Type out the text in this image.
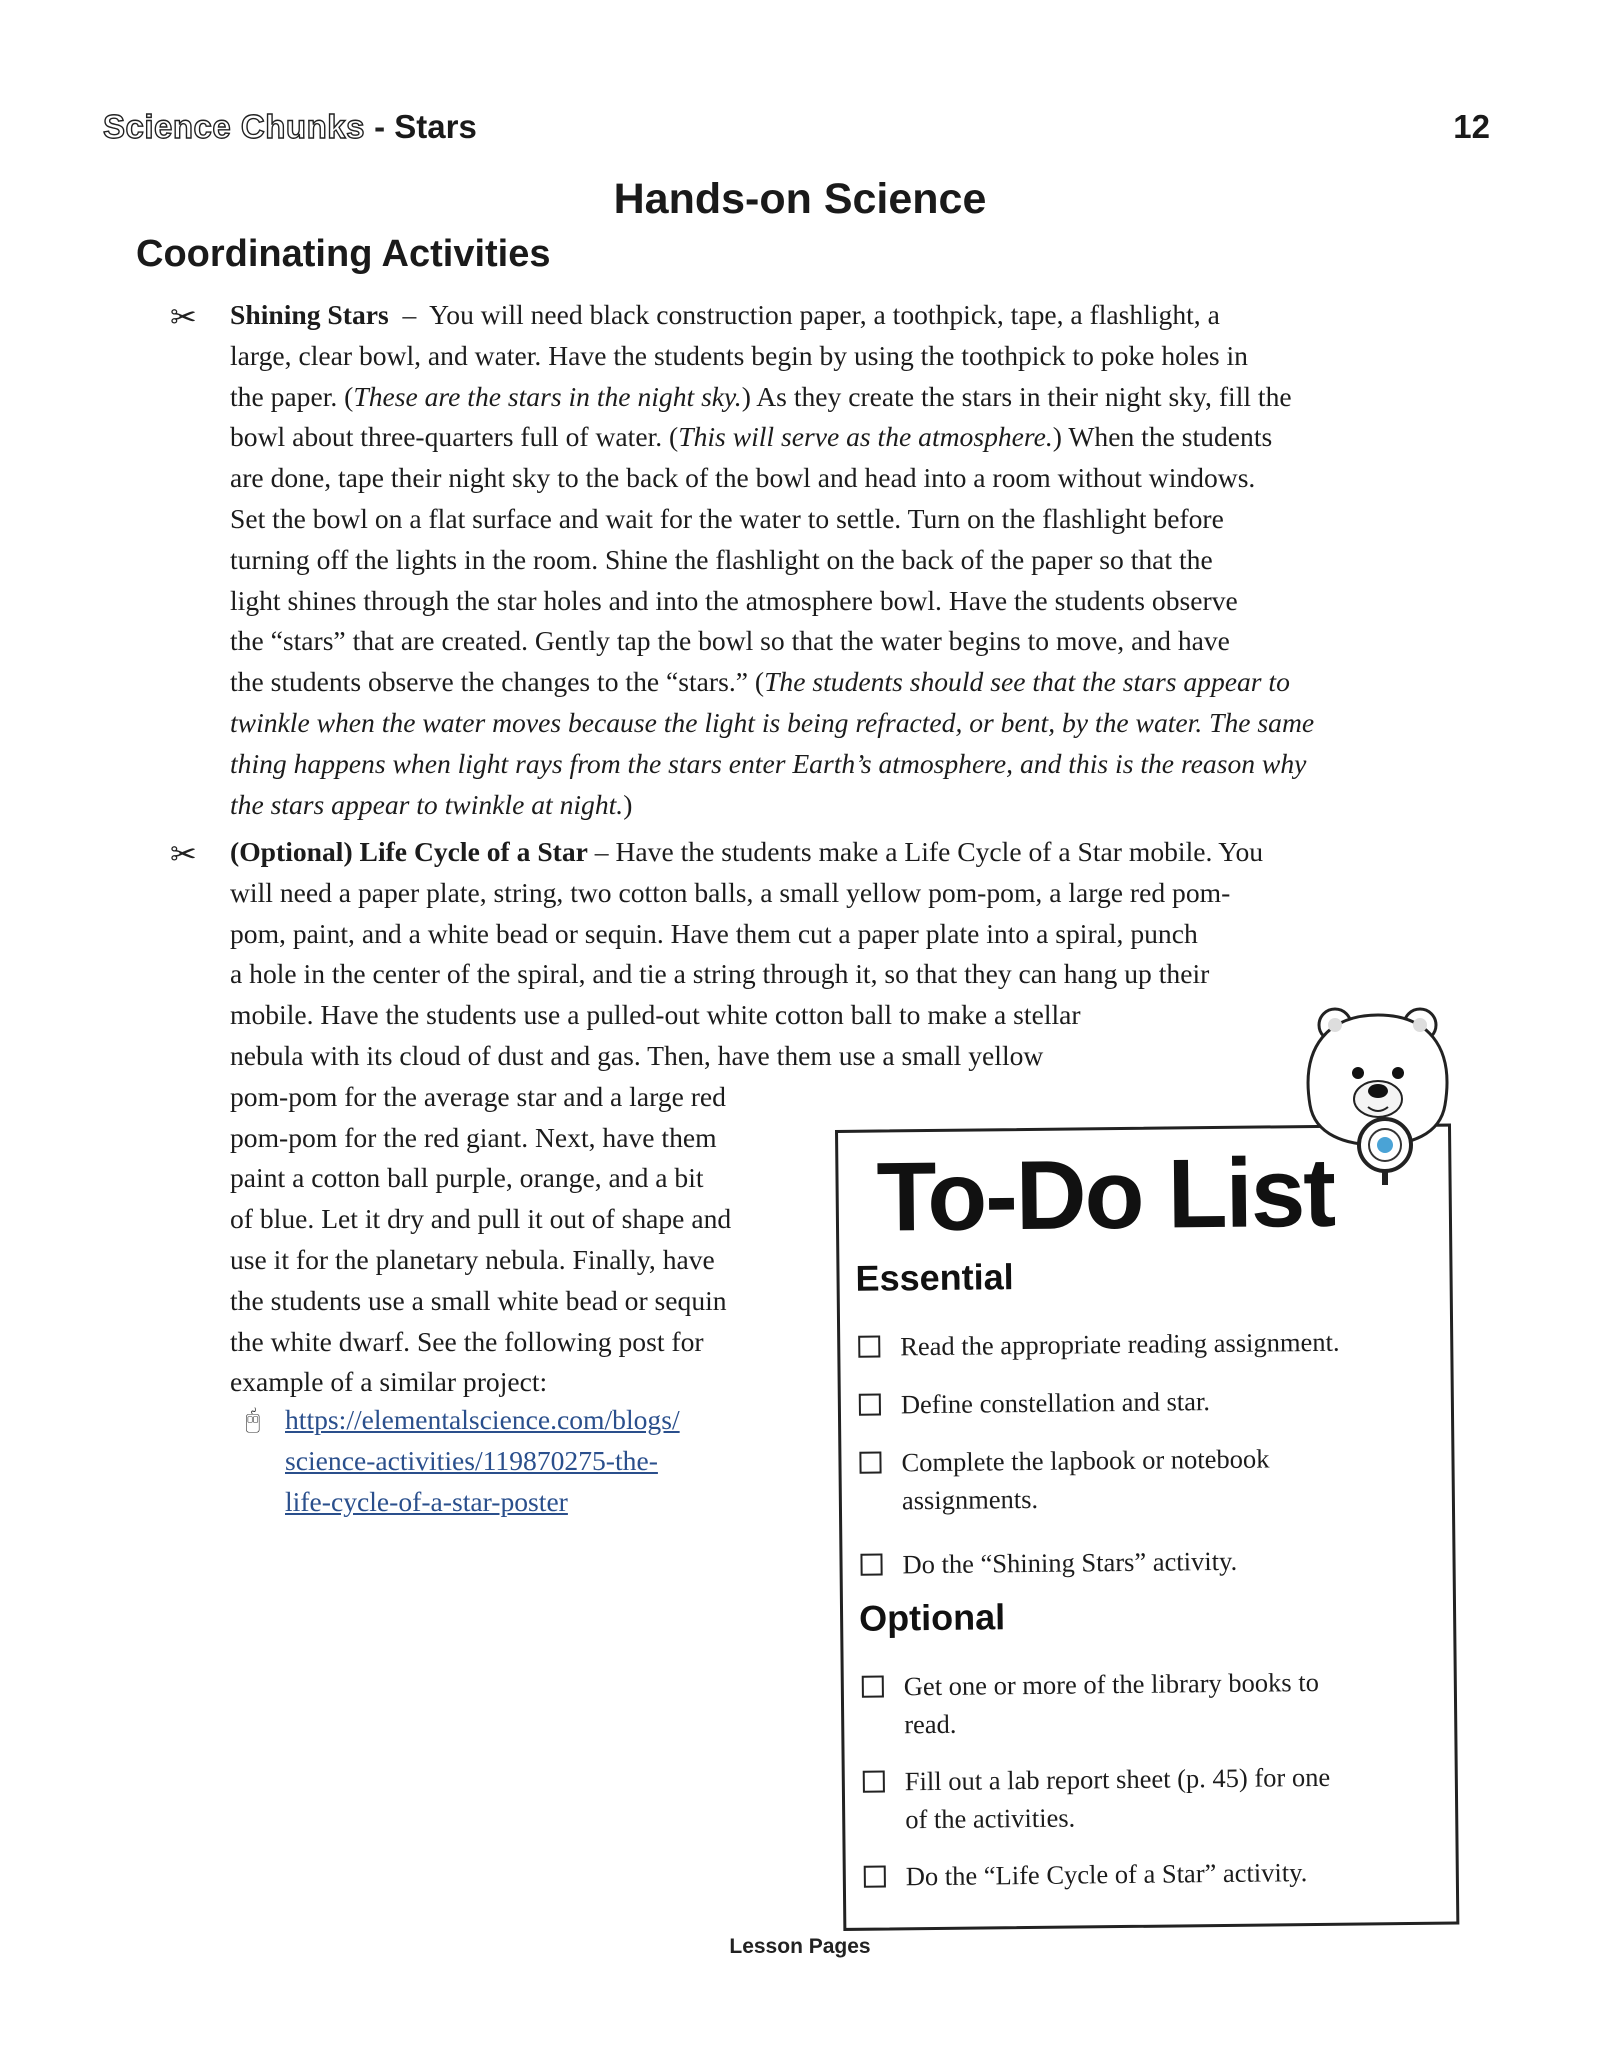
Science Chunks - Stars	12
Hands-on Science
Coordinating Activities
✂ Shining Stars  –  You will need black construction paper, a toothpick, tape, a flashlight, a
large, clear bowl, and water. Have the students begin by using the toothpick to poke holes in
the paper. (These are the stars in the night sky.) As they create the stars in their night sky, fill the
bowl about three-quarters full of water. (This will serve as the atmosphere.) When the students
are done, tape their night sky to the back of the bowl and head into a room without windows.
Set the bowl on a flat surface and wait for the water to settle. Turn on the flashlight before
turning off the lights in the room. Shine the flashlight on the back of the paper so that the
light shines through the star holes and into the atmosphere bowl. Have the students observe
the “stars” that are created. Gently tap the bowl so that the water begins to move, and have
the students observe the changes to the “stars.” (The students should see that the stars appear to
twinkle when the water moves because the light is being refracted, or bent, by the water. The same
thing happens when light rays from the stars enter Earth’s atmosphere, and this is the reason why
the stars appear to twinkle at night.)
✂ (Optional) Life Cycle of a Star – Have the students make a Life Cycle of a Star mobile. You
will need a paper plate, string, two cotton balls, a small yellow pom-pom, a large red pom-
pom, paint, and a white bead or sequin. Have them cut a paper plate into a spiral, punch
a hole in the center of the spiral, and tie a string through it, so that they can hang up their
mobile. Have the students use a pulled-out white cotton ball to make a stellar
nebula with its cloud of dust and gas. Then, have them use a small yellow
pom-pom for the average star and a large red
pom-pom for the red giant. Next, have them
paint a cotton ball purple, orange, and a bit
of blue. Let it dry and pull it out of shape and
use it for the planetary nebula. Finally, have
the students use a small white bead or sequin
the white dwarf. See the following post for
example of a similar project:
🖰 https://elementalscience.com/blogs/
science-activities/119870275-the-
life-cycle-of-a-star-poster
To-Do List
Essential
Read the appropriate reading assignment.
Define constellation and star.
Complete the lapbook or notebook
assignments.
Do the “Shining Stars” activity.
Optional
Get one or more of the library books to
read.
Fill out a lab report sheet (p. 45) for one
of the activities.
Do the “Life Cycle of a Star” activity.
Lesson Pages
